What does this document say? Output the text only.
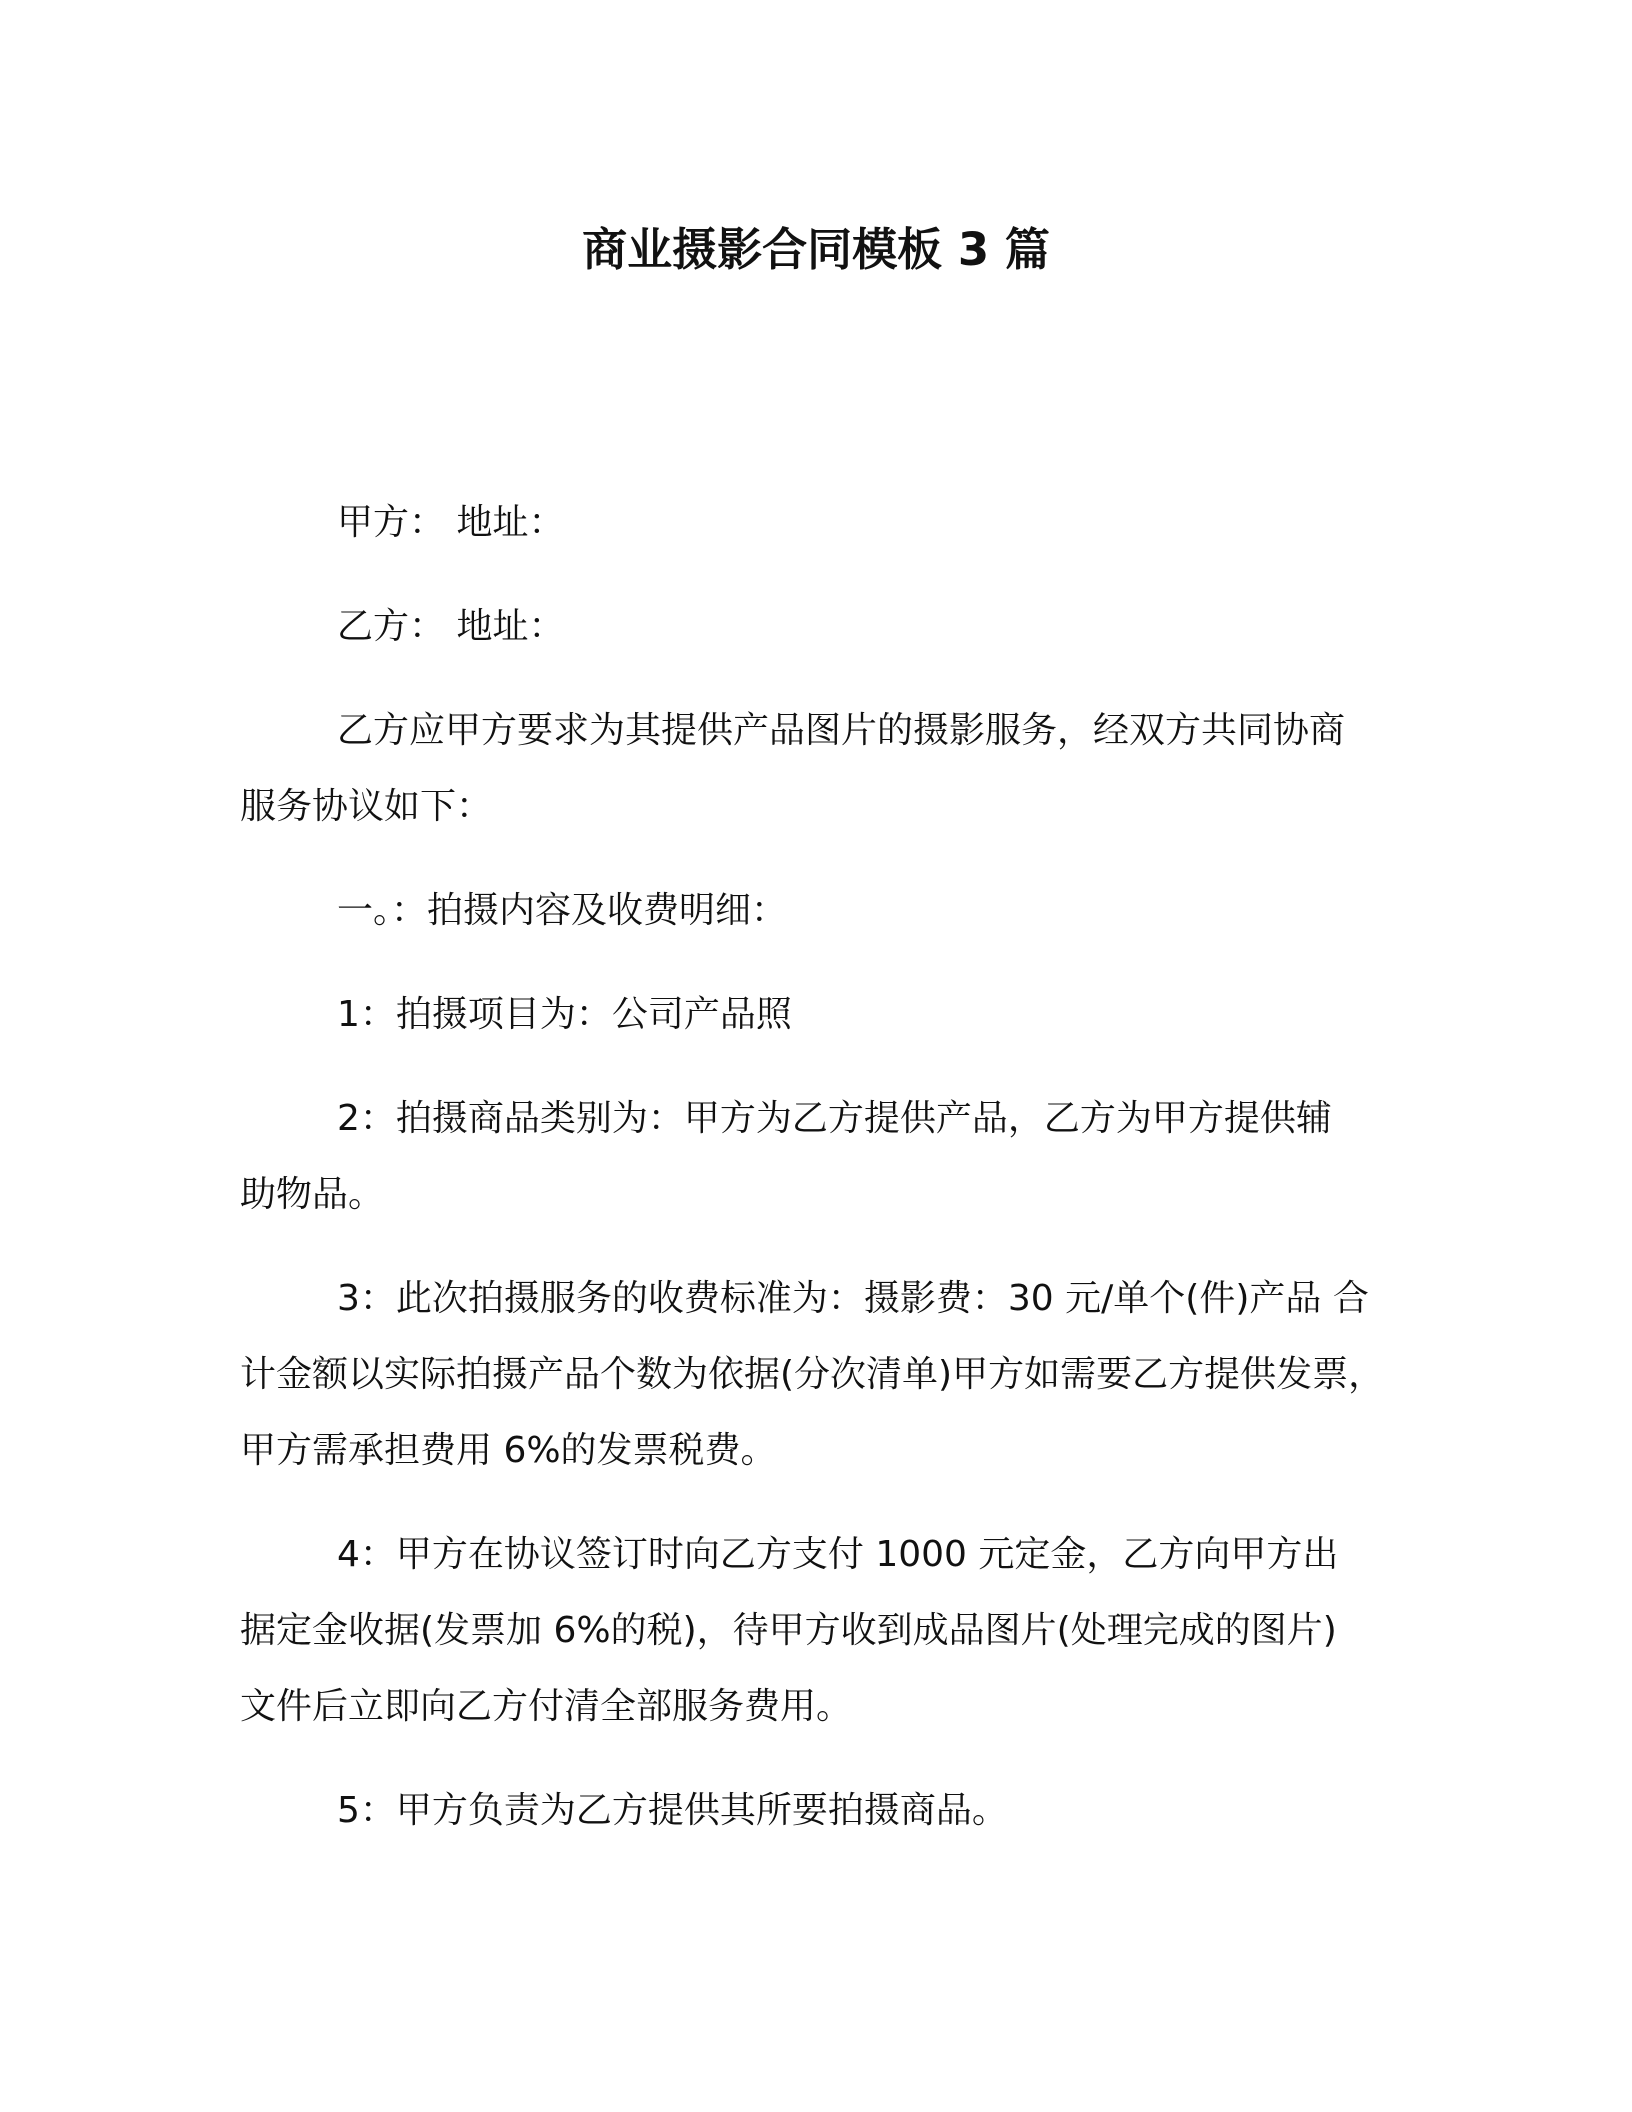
商业摄影合同模板 3 篇
甲方： 地址：
乙方： 地址：
乙方应甲方要求为其提供产品图片的摄影服务，经双方共同协商
服务协议如下：
一。：拍摄内容及收费明细：
1：拍摄项目为：公司产品照
2：拍摄商品类别为：甲方为乙方提供产品，乙方为甲方提供辅
助物品。
3：此次拍摄服务的收费标准为：摄影费：30 元/单个(件)产品 合
计金额以实际拍摄产品个数为依据(分次清单)甲方如需要乙方提供发票，
甲方需承担费用 6%的发票税费。
4：甲方在协议签订时向乙方支付 1000 元定金，乙方向甲方出
据定金收据(发票加 6%的税)，待甲方收到成品图片(处理完成的图片)
文件后立即向乙方付清全部服务费用。
5：甲方负责为乙方提供其所要拍摄商品。
